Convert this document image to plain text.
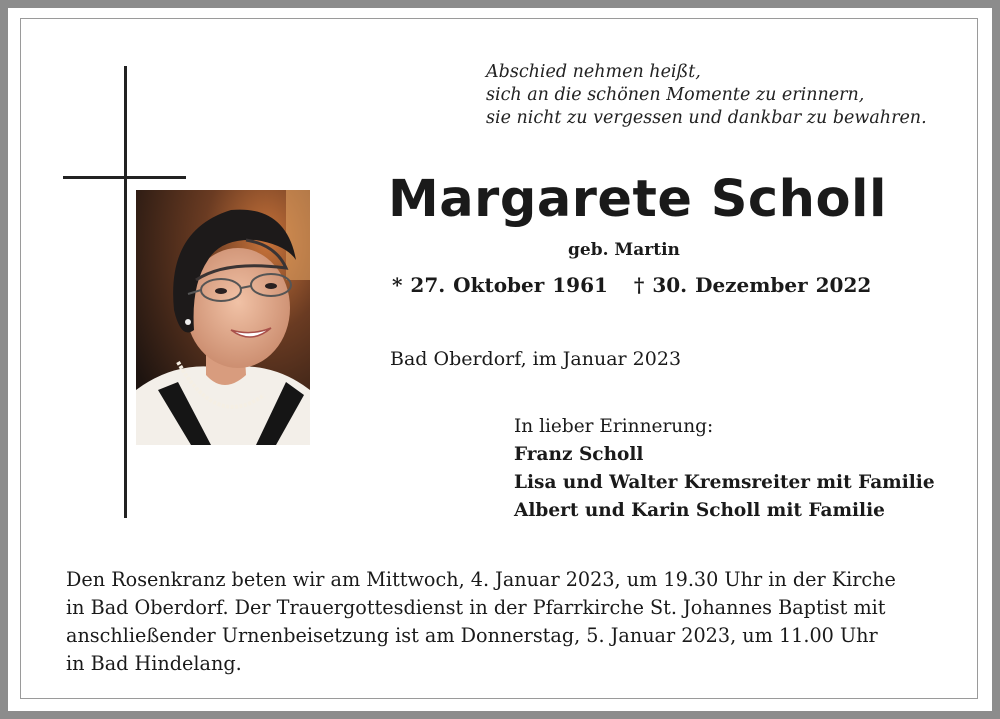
Abschied nehmen heißt,
sich an die schönen Momente zu erinnern,
sie nicht zu vergessen und dankbar zu bewahren.
Margarete Scholl
geb. Martin
* 27. Oktober 1961 † 30. Dezember 2022
Bad Oberdorf, im Januar 2023
In lieber Erinnerung:
Franz Scholl
Lisa und Walter Kremsreiter mit Familie
Albert und Karin Scholl mit Familie
Den Rosenkranz beten wir am Mittwoch, 4. Januar 2023, um 19.30 Uhr in der Kirche
in Bad Oberdorf. Der Trauergottesdienst in der Pfarrkirche St. Johannes Baptist mit
anschließender Urnenbeisetzung ist am Donnerstag, 5. Januar 2023, um 11.00 Uhr
in Bad Hindelang.
